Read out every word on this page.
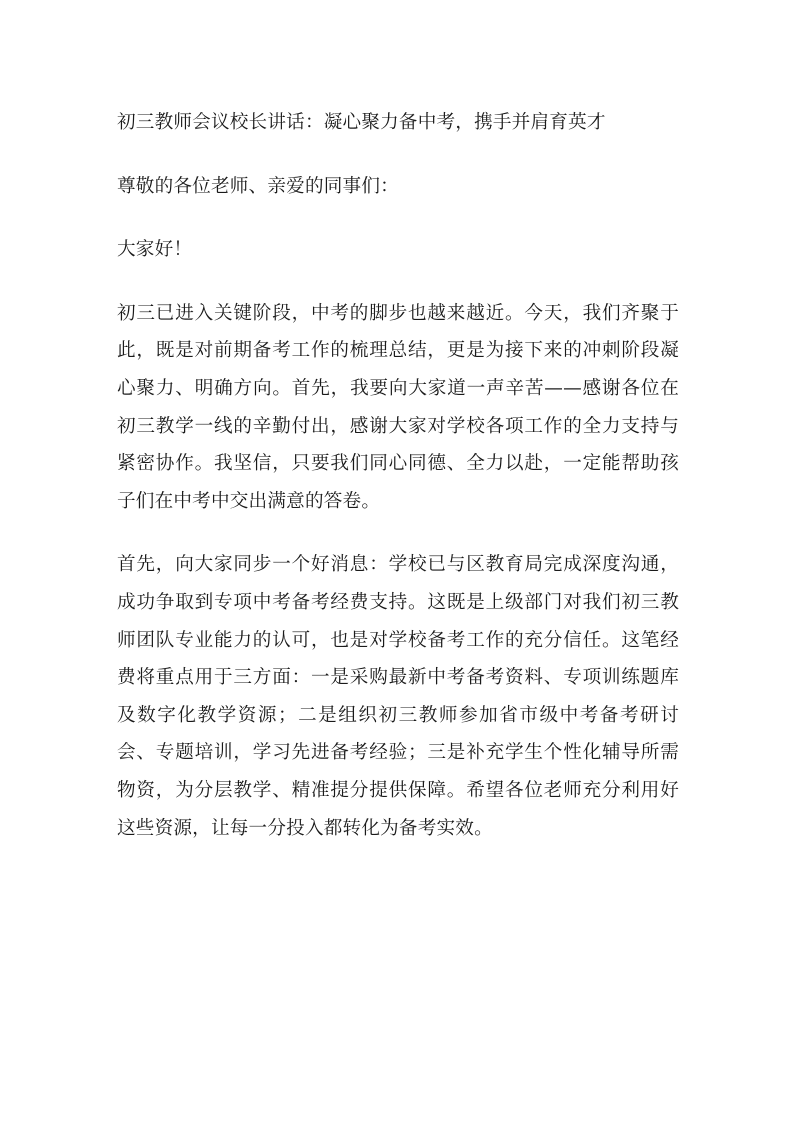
初三教师会议校长讲话：凝心聚力备中考，携手并肩育英才

尊敬的各位老师、亲爱的同事们：

大家好！

初三已进入关键阶段，中考的脚步也越来越近。今天，我们齐聚于此，既是对前期备考工作的梳理总结，更是为接下来的冲刺阶段凝心聚力、明确方向。首先，我要向大家道一声辛苦——感谢各位在初三教学一线的辛勤付出，感谢大家对学校各项工作的全力支持与紧密协作。我坚信，只要我们同心同德、全力以赴，一定能帮助孩子们在中考中交出满意的答卷。

首先，向大家同步一个好消息：学校已与区教育局完成深度沟通，成功争取到专项中考备考经费支持。这既是上级部门对我们初三教师团队专业能力的认可，也是对学校备考工作的充分信任。这笔经费将重点用于三方面：一是采购最新中考备考资料、专项训练题库及数字化教学资源；二是组织初三教师参加省市级中考备考研讨会、专题培训，学习先进备考经验；三是补充学生个性化辅导所需物资，为分层教学、精准提分提供保障。希望各位老师充分利用好这些资源，让每一分投入都转化为备考实效。
